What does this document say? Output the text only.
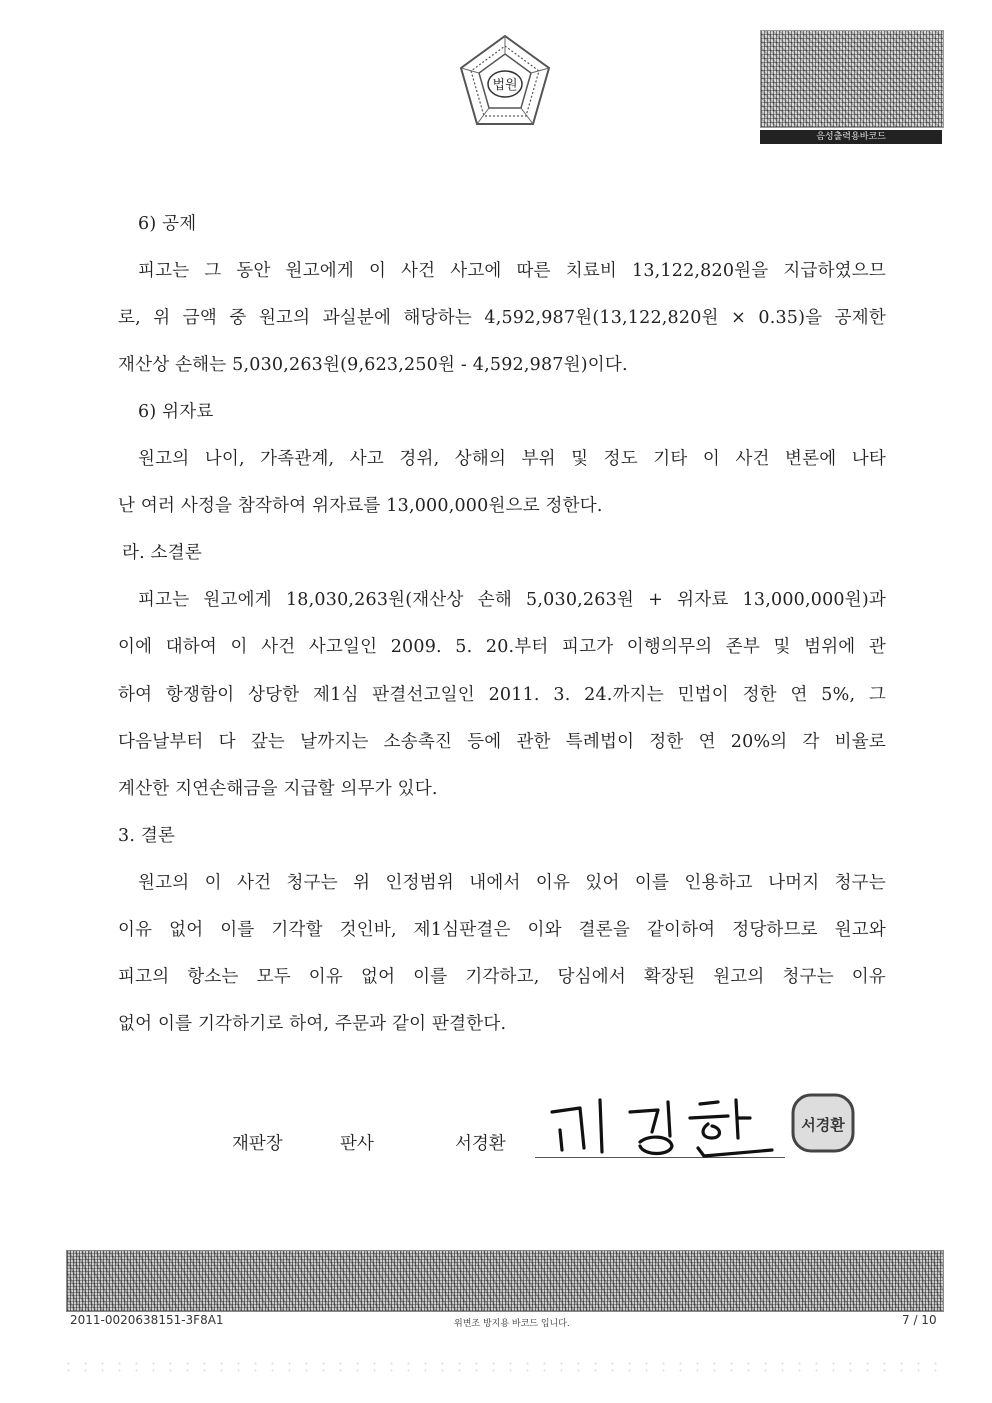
법원
음성출력용바코드
6) 공제
피고는 그 동안 원고에게 이 사건 사고에 따른 치료비 13,122,820원을 지급하였으므
로, 위 금액 중 원고의 과실분에 해당하는 4,592,987원(13,122,820원 × 0.35)을 공제한
재산상 손해는 5,030,263원(9,623,250원 - 4,592,987원)이다.
6) 위자료
원고의 나이, 가족관계, 사고 경위, 상해의 부위 및 정도 기타 이 사건 변론에 나타
난 여러 사정을 참작하여 위자료를 13,000,000원으로 정한다.
라. 소결론
피고는 원고에게 18,030,263원(재산상 손해 5,030,263원 + 위자료 13,000,000원)과
이에 대하여 이 사건 사고일인 2009. 5. 20.부터 피고가 이행의무의 존부 및 범위에 관
하여 항쟁함이 상당한 제1심 판결선고일인 2011. 3. 24.까지는 민법이 정한 연 5%, 그
다음날부터 다 갚는 날까지는 소송촉진 등에 관한 특례법이 정한 연 20%의 각 비율로
계산한 지연손해금을 지급할 의무가 있다.
3. 결론
원고의 이 사건 청구는 위 인정범위 내에서 이유 있어 이를 인용하고 나머지 청구는
이유 없어 이를 기각할 것인바, 제1심판결은 이와 결론을 같이하여 정당하므로 원고와
피고의 항소는 모두 이유 없어 이를 기각하고, 당심에서 확장된 원고의 청구는 이유
없어 이를 기각하기로 하여, 주문과 같이 판결한다.
재판장	판사	서경환
서경환
2011-0020638151-3F8A1	위변조 방지용 바코드 입니다.	7 / 10
